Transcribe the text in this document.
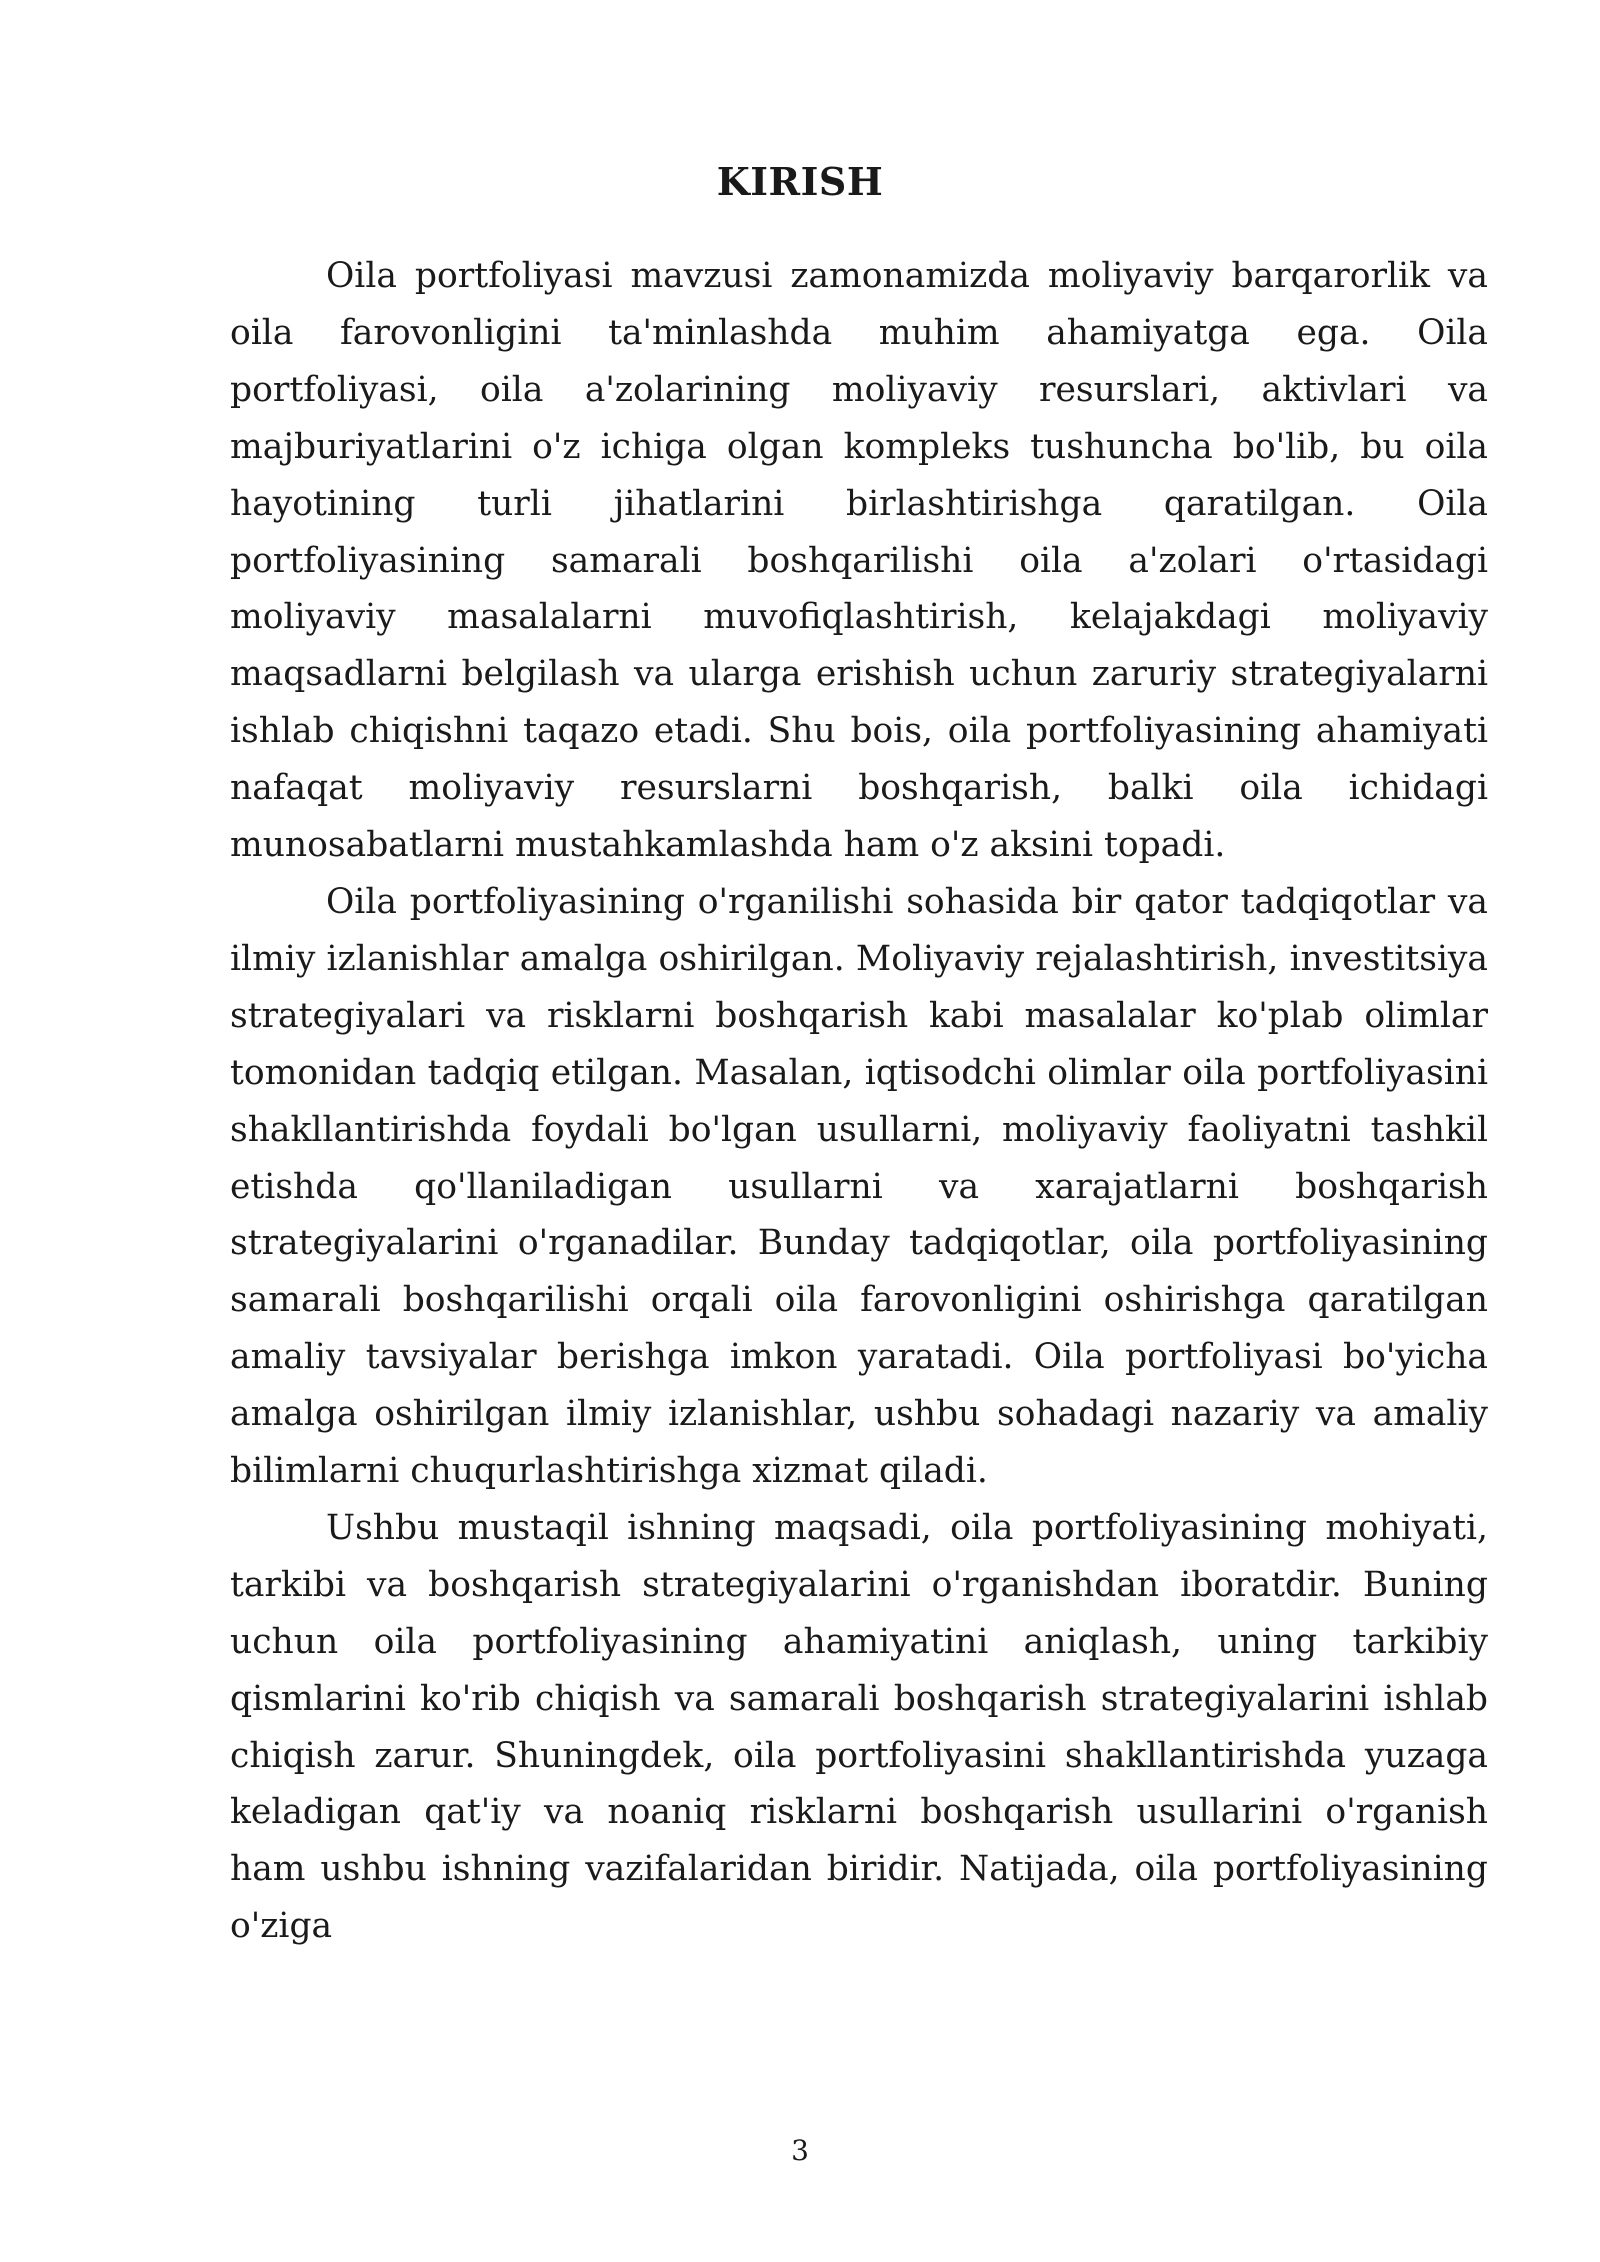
KIRISH

Oila portfoliyasi mavzusi zamonamizda moliyaviy barqarorlik va oila farovonligini ta'minlashda muhim ahamiyatga ega. Oila portfoliyasi, oila a'zolarining moliyaviy resurslari, aktivlari va majburiyatlarini o'z ichiga olgan kompleks tushuncha bo'lib, bu oila hayotining turli jihatlarini birlashtirishga qaratilgan. Oila portfoliyasining samarali boshqarilishi oila a'zolari o'rtasidagi moliyaviy masalalarni muvofiqlashtirish, kelajakdagi moliyaviy maqsadlarni belgilash va ularga erishish uchun zaruriy strategiyalarni ishlab chiqishni taqazo etadi. Shu bois, oila portfoliyasining ahamiyati nafaqat moliyaviy resurslarni boshqarish, balki oila ichidagi munosabatlarni mustahkamlashda ham o'z aksini topadi.

Oila portfoliyasining o'rganilishi sohasida bir qator tadqiqotlar va ilmiy izlanishlar amalga oshirilgan. Moliyaviy rejalashtirish, investitsiya strategiyalari va risklarni boshqarish kabi masalalar ko'plab olimlar tomonidan tadqiq etilgan. Masalan, iqtisodchi olimlar oila portfoliyasini shakllantirishda foydali bo'lgan usullarni, moliyaviy faoliyatni tashkil etishda qo'llaniladigan usullarni va xarajatlarni boshqarish strategiyalarini o'rganadilar. Bunday tadqiqotlar, oila portfoliyasining samarali boshqarilishi orqali oila farovonligini oshirishga qaratilgan amaliy tavsiyalar berishga imkon yaratadi. Oila portfoliyasi bo'yicha amalga oshirilgan ilmiy izlanishlar, ushbu sohadagi nazariy va amaliy bilimlarni chuqurlashtirishga xizmat qiladi.

Ushbu mustaqil ishning maqsadi, oila portfoliyasining mohiyati, tarkibi va boshqarish strategiyalarini o'rganishdan iboratdir. Buning uchun oila portfoliyasining ahamiyatini aniqlash, uning tarkibiy qismlarini ko'rib chiqish va samarali boshqarish strategiyalarini ishlab chiqish zarur. Shuningdek, oila portfoliyasini shakllantirishda yuzaga keladigan qat'iy va noaniq risklarni boshqarish usullarini o'rganish ham ushbu ishning vazifalaridan biridir. Natijada, oila portfoliyasining o'ziga

3
